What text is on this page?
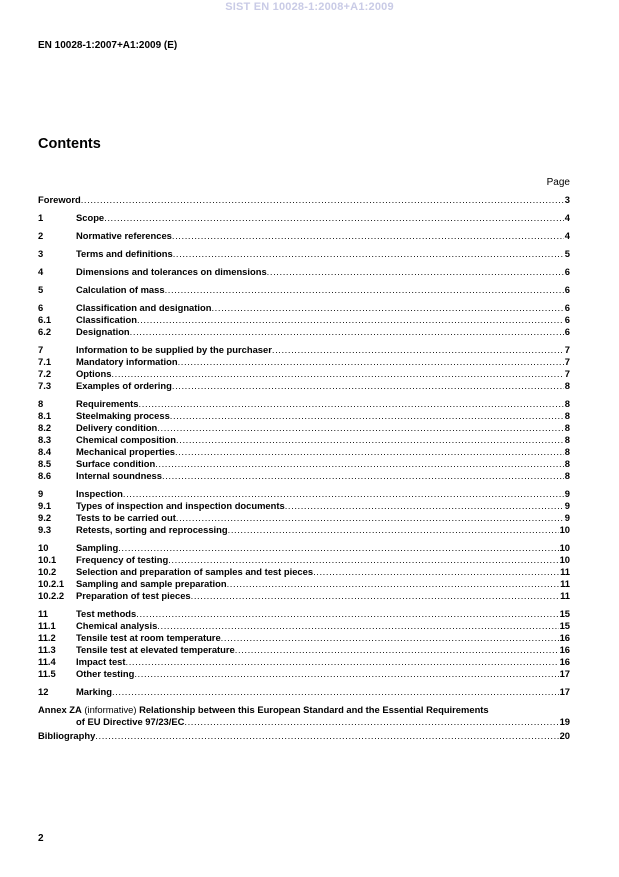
SIST EN 10028-1:2008+A1:2009
EN 10028-1:2007+A1:2009 (E)
Contents
Page
Foreword .....	3
1	Scope .....	4
2	Normative references .....	4
3	Terms and definitions .....	5
4	Dimensions and tolerances on dimensions .....	6
5	Calculation of mass .....	6
6	Classification and designation .....	6
6.1	Classification .....	6
6.2	Designation .....	6
7	Information to be supplied by the purchaser .....	7
7.1	Mandatory information .....	7
7.2	Options .....	7
7.3	Examples of ordering .....	8
8	Requirements .....	8
8.1	Steelmaking process .....	8
8.2	Delivery condition .....	8
8.3	Chemical composition .....	8
8.4	Mechanical properties .....	8
8.5	Surface condition .....	8
8.6	Internal soundness .....	8
9	Inspection .....	9
9.1	Types of inspection and inspection documents .....	9
9.2	Tests to be carried out .....	9
9.3	Retests, sorting and reprocessing .....	10
10	Sampling .....	10
10.1	Frequency of testing .....	10
10.2	Selection and preparation of samples and test pieces .....	11
10.2.1	Sampling and sample preparation .....	11
10.2.2	Preparation of test pieces .....	11
11	Test methods .....	15
11.1	Chemical analysis .....	15
11.2	Tensile test at room temperature .....	16
11.3	Tensile test at elevated temperature .....	16
11.4	Impact test .....	16
11.5	Other testing .....	17
12	Marking .....	17
Annex ZA (informative) Relationship between this European Standard and the Essential Requirements
of EU Directive 97/23/EC .....	19
Bibliography .....	20
2
